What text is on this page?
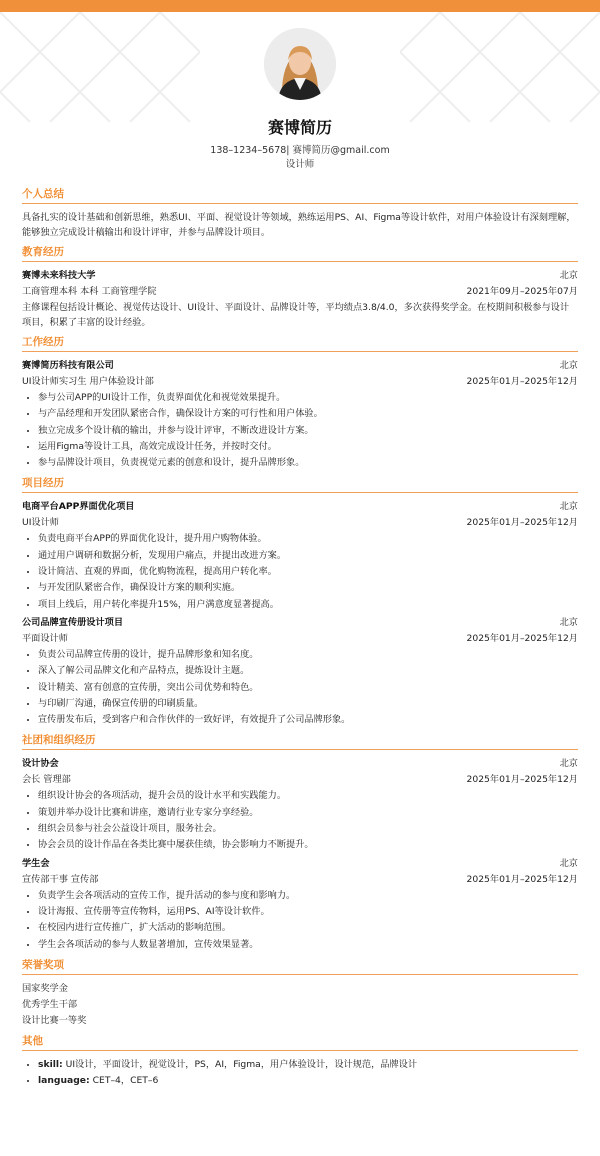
赛博简历
138–1234–5678| 赛博简历@gmail.com
设计师
个人总结

具备扎实的设计基础和创新思维，熟悉UI、平面、视觉设计等领域，熟练运用PS、AI、Figma等设计软件，对用户体验设计有深刻理解，能够独立完成设计稿输出和设计评审，并参与品牌设计项目。

教育经历
赛博未来科技大学	北京
工商管理本科 本科 工商管理学院	2021年09月–2025年07月

主修课程包括设计概论、视觉传达设计、UI设计、平面设计、品牌设计等，平均绩点3.8/4.0，多次获得奖学金。在校期间积极参与设计项目，积累了丰富的设计经验。

工作经历
赛博简历科技有限公司	北京
UI设计师实习生 用户体验设计部	2025年01月–2025年12月
• 参与公司APP的UI设计工作，负责界面优化和视觉效果提升。
• 与产品经理和开发团队紧密合作，确保设计方案的可行性和用户体验。
• 独立完成多个设计稿的输出，并参与设计评审，不断改进设计方案。
• 运用Figma等设计工具，高效完成设计任务，并按时交付。
• 参与品牌设计项目，负责视觉元素的创意和设计，提升品牌形象。
项目经历
电商平台APP界面优化项目	北京
UI设计师	2025年01月–2025年12月
• 负责电商平台APP的界面优化设计，提升用户购物体验。
• 通过用户调研和数据分析，发现用户痛点，并提出改进方案。
• 设计简洁、直观的界面，优化购物流程，提高用户转化率。
• 与开发团队紧密合作，确保设计方案的顺利实施。
• 项目上线后，用户转化率提升15%，用户满意度显著提高。
公司品牌宣传册设计项目	北京
平面设计师	2025年01月–2025年12月
• 负责公司品牌宣传册的设计，提升品牌形象和知名度。
• 深入了解公司品牌文化和产品特点，提炼设计主题。
• 设计精美、富有创意的宣传册，突出公司优势和特色。
• 与印刷厂沟通，确保宣传册的印刷质量。
• 宣传册发布后，受到客户和合作伙伴的一致好评，有效提升了公司品牌形象。
社团和组织经历
设计协会	北京
会长 管理部	2025年01月–2025年12月
• 组织设计协会的各项活动，提升会员的设计水平和实践能力。
• 策划并举办设计比赛和讲座，邀请行业专家分享经验。
• 组织会员参与社会公益设计项目，服务社会。
• 协会会员的设计作品在各类比赛中屡获佳绩，协会影响力不断提升。
学生会	北京
宣传部干事 宣传部	2025年01月–2025年12月
• 负责学生会各项活动的宣传工作，提升活动的参与度和影响力。
• 设计海报、宣传册等宣传物料，运用PS、AI等设计软件。
• 在校园内进行宣传推广，扩大活动的影响范围。
• 学生会各项活动的参与人数显著增加，宣传效果显著。
荣誉奖项
国家奖学金
优秀学生干部
设计比赛一等奖
其他
• skill: UI设计，平面设计，视觉设计，PS，AI，Figma，用户体验设计，设计规范，品牌设计
• language: CET–4，CET–6
